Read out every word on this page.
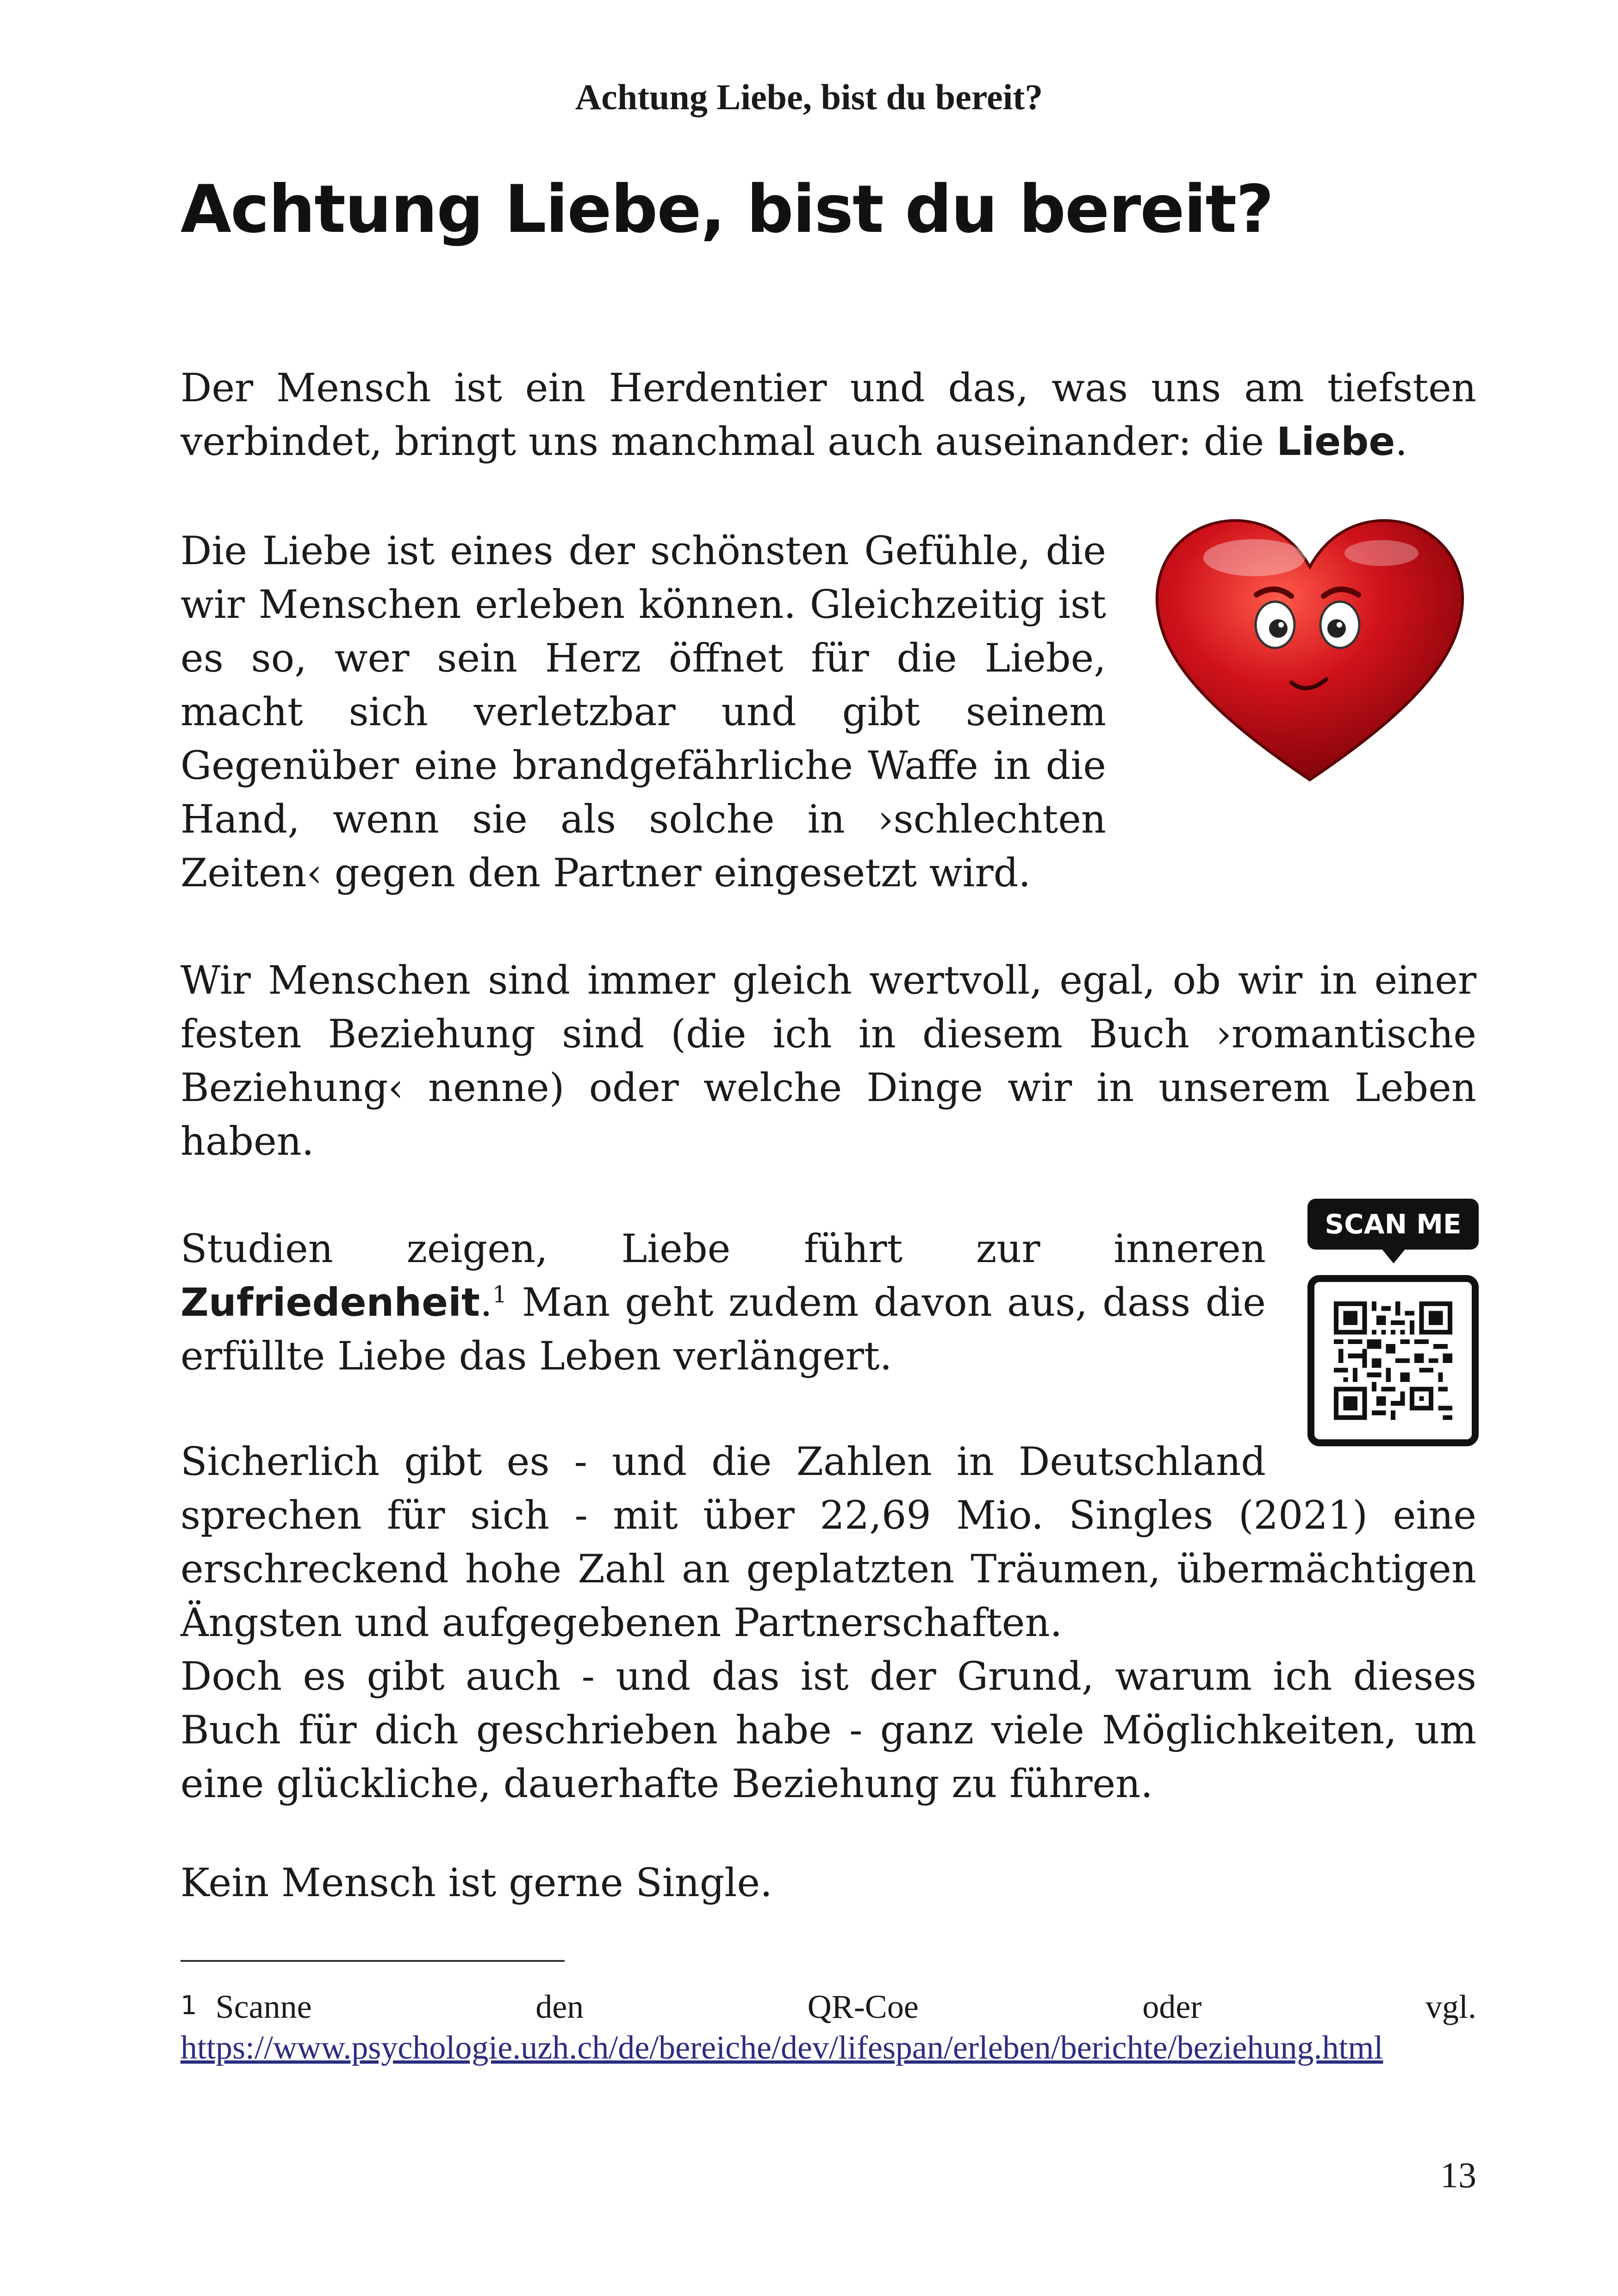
Achtung Liebe, bist du bereit?
Achtung Liebe, bist du bereit?

Der Mensch ist ein Herdentier und das, was uns am tiefsten verbindet, bringt uns manchmal auch auseinander: die Liebe.

Die Liebe ist eines der schönsten Gefühle, die wir Menschen erleben können. Gleichzeitig ist es so, wer sein Herz öffnet für die Liebe, macht sich verletzbar und gibt seinem Gegenüber eine brandgefährliche Waffe in die Hand, wenn sie als solche in ›schlechten Zeiten‹ gegen den Partner eingesetzt wird.

Wir Menschen sind immer gleich wertvoll, egal, ob wir in einer festen Beziehung sind (die ich in diesem Buch ›romantische Beziehung‹ nenne) oder welche Dinge wir in unserem Leben haben.

Studien zeigen, Liebe führt zur inneren Zufriedenheit.$^1$ Man geht zudem davon aus, dass die erfüllte Liebe das Leben verlängert.

SCAN ME

Sicherlich gibt es - und die Zahlen in Deutschland

sprechen für sich - mit über 22,69 Mio. Singles (2021) eine erschreckend hohe Zahl an geplatzten Träumen, übermächtigen Ängsten und aufgegebenen Partnerschaften.

Doch es gibt auch - und das ist der Grund, warum ich dieses Buch für dich geschrieben habe - ganz viele Möglichkeiten, um eine glückliche, dauerhafte Beziehung zu führen.

Kein Mensch ist gerne Single.

1 Scanne den QR-Coe oder vgl. https://www.psychologie.uzh.ch/de/bereiche/dev/lifespan/erleben/berichte/beziehung.html
13
